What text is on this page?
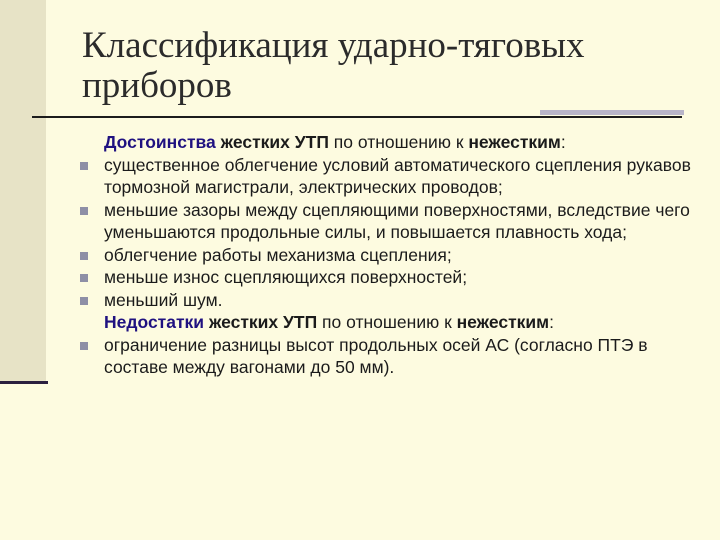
Классификация ударно-тяговых приборов
Достоинства жестких УТП по отношению к нежестким:
существенное облегчение условий автоматического сцепления рукавов тормозной магистрали, электрических проводов;
меньшие зазоры между сцепляющими поверхностями, вследствие чего уменьшаются продольные силы, и повышается плавность хода;
облегчение работы механизма сцепления;
меньше износ сцепляющихся поверхностей;
меньший шум.
Недостатки жестких УТП по отношению к нежестким:
ограничение разницы высот продольных осей АС (согласно ПТЭ в составе между вагонами до 50 мм).
